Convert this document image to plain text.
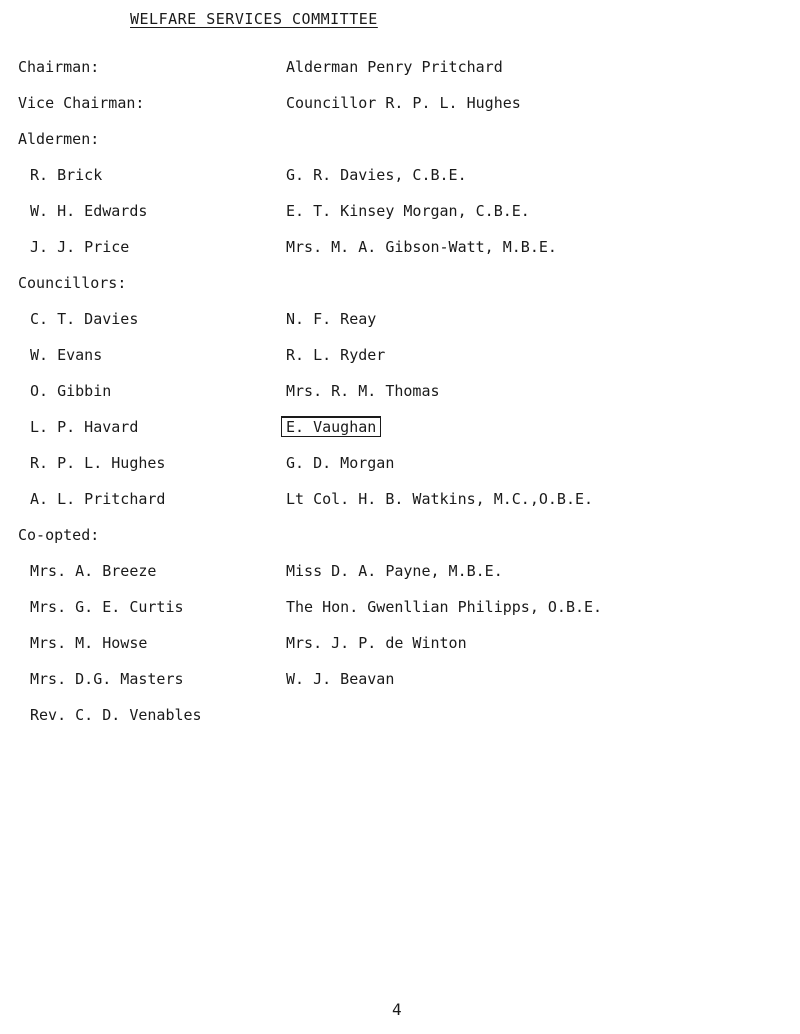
WELFARE SERVICES COMMITTEE
Chairman:	Alderman Penry Pritchard
Vice Chairman:	Councillor R. P. L. Hughes
Aldermen:
R. Brick	G. R. Davies, C.B.E.
W. H. Edwards	E. T. Kinsey Morgan, C.B.E.
J. J. Price	Mrs. M. A. Gibson-Watt, M.B.E.
Councillors:
C. T. Davies	N. F. Reay
W. Evans	R. L. Ryder
O. Gibbin	Mrs. R. M. Thomas
L. P. Havard	E. Vaughan
R. P. L. Hughes	G. D. Morgan
A. L. Pritchard	Lt Col. H. B. Watkins, M.C.,O.B.E.
Co-opted:
Mrs. A. Breeze	Miss D. A. Payne, M.B.E.
Mrs. G. E. Curtis	The Hon. Gwenllian Philipps, O.B.E.
Mrs. M. Howse	Mrs. J. P. de Winton
Mrs. D.G. Masters	W. J. Beavan
Rev. C. D. Venables
4
